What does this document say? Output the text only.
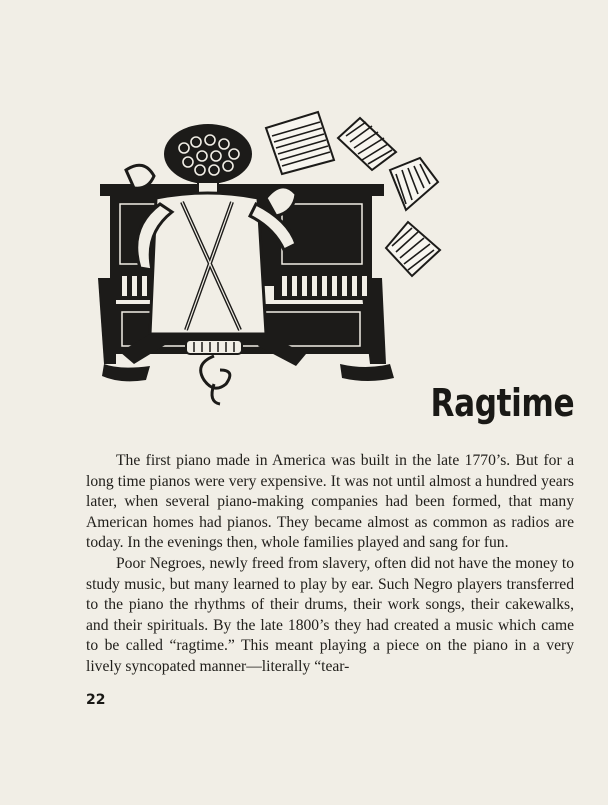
Ragtime

The first piano made in America was built in the late 1770’s. But for a long time pianos were very expensive. It was not until almost a hundred years later, when several piano-making companies had been formed, that many American homes had pianos. They became almost as common as radios are today. In the evenings then, whole families played and sang for fun.

Poor Negroes, newly freed from slavery, often did not have the money to study music, but many learned to play by ear. Such Negro players transferred to the piano the rhythms of their drums, their work songs, their cakewalks, and their spirituals. By the late 1800’s they had created a music which came to be called “ragtime.” This meant playing a piece on the piano in a very lively syncopated manner—literally “tear-

22
